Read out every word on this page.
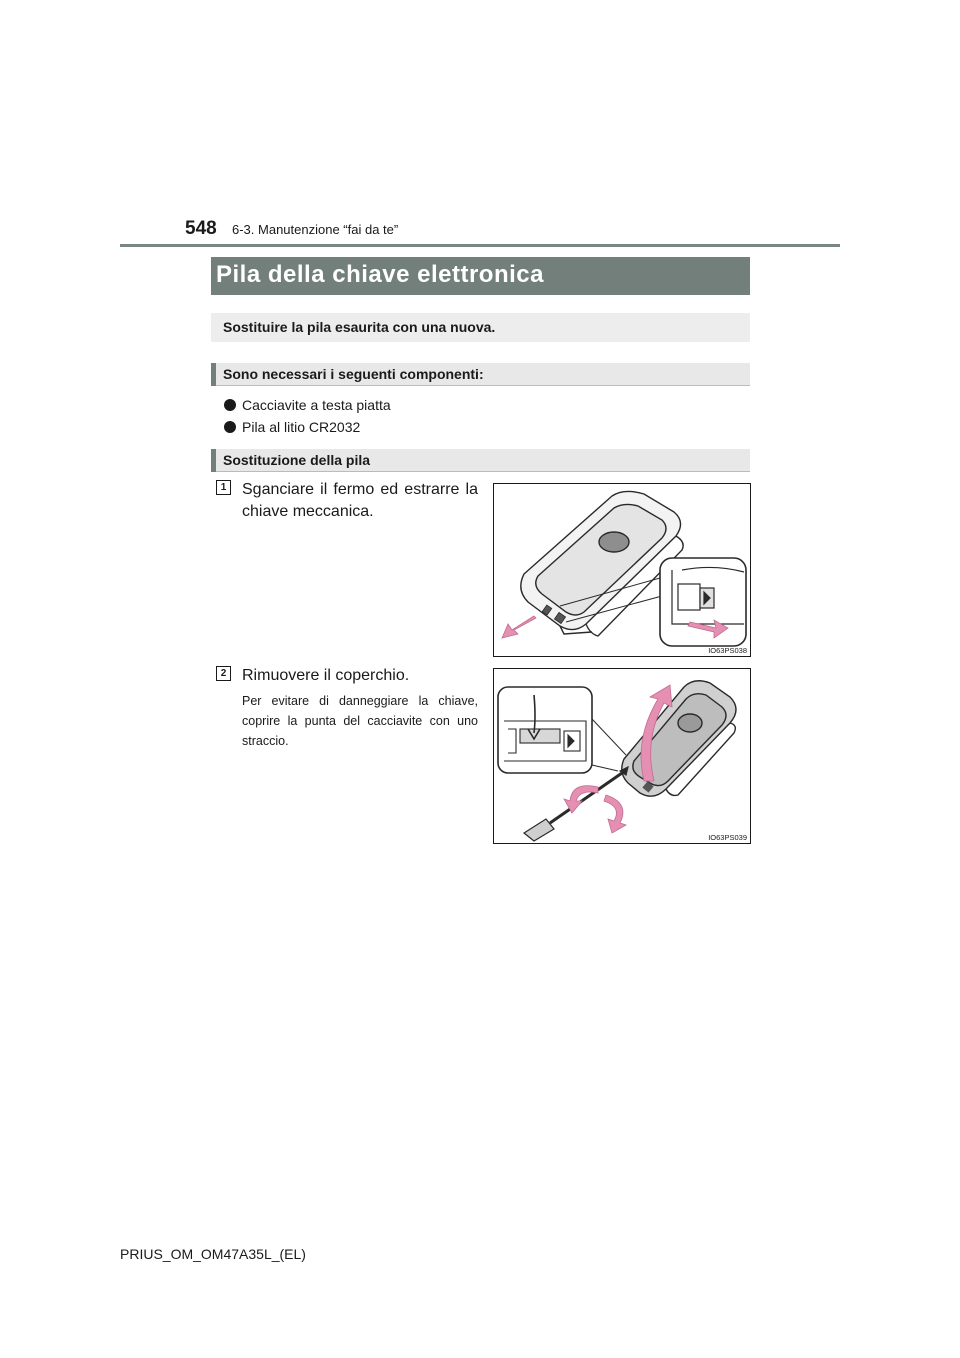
548 6-3. Manutenzione “fai da te”
Pila della chiave elettronica
Sostituire la pila esaurita con una nuova.
Sono necessari i seguenti componenti:
Cacciavite a testa piatta
Pila al litio CR2032
Sostituzione della pila
1 Sganciare il fermo ed estrarre la chiave meccanica.
IO63PS038
2 Rimuovere il coperchio.
Per evitare di danneggiare la chiave, coprire la punta del cacciavite con uno straccio.
IO63PS039
PRIUS_OM_OM47A35L_(EL)
